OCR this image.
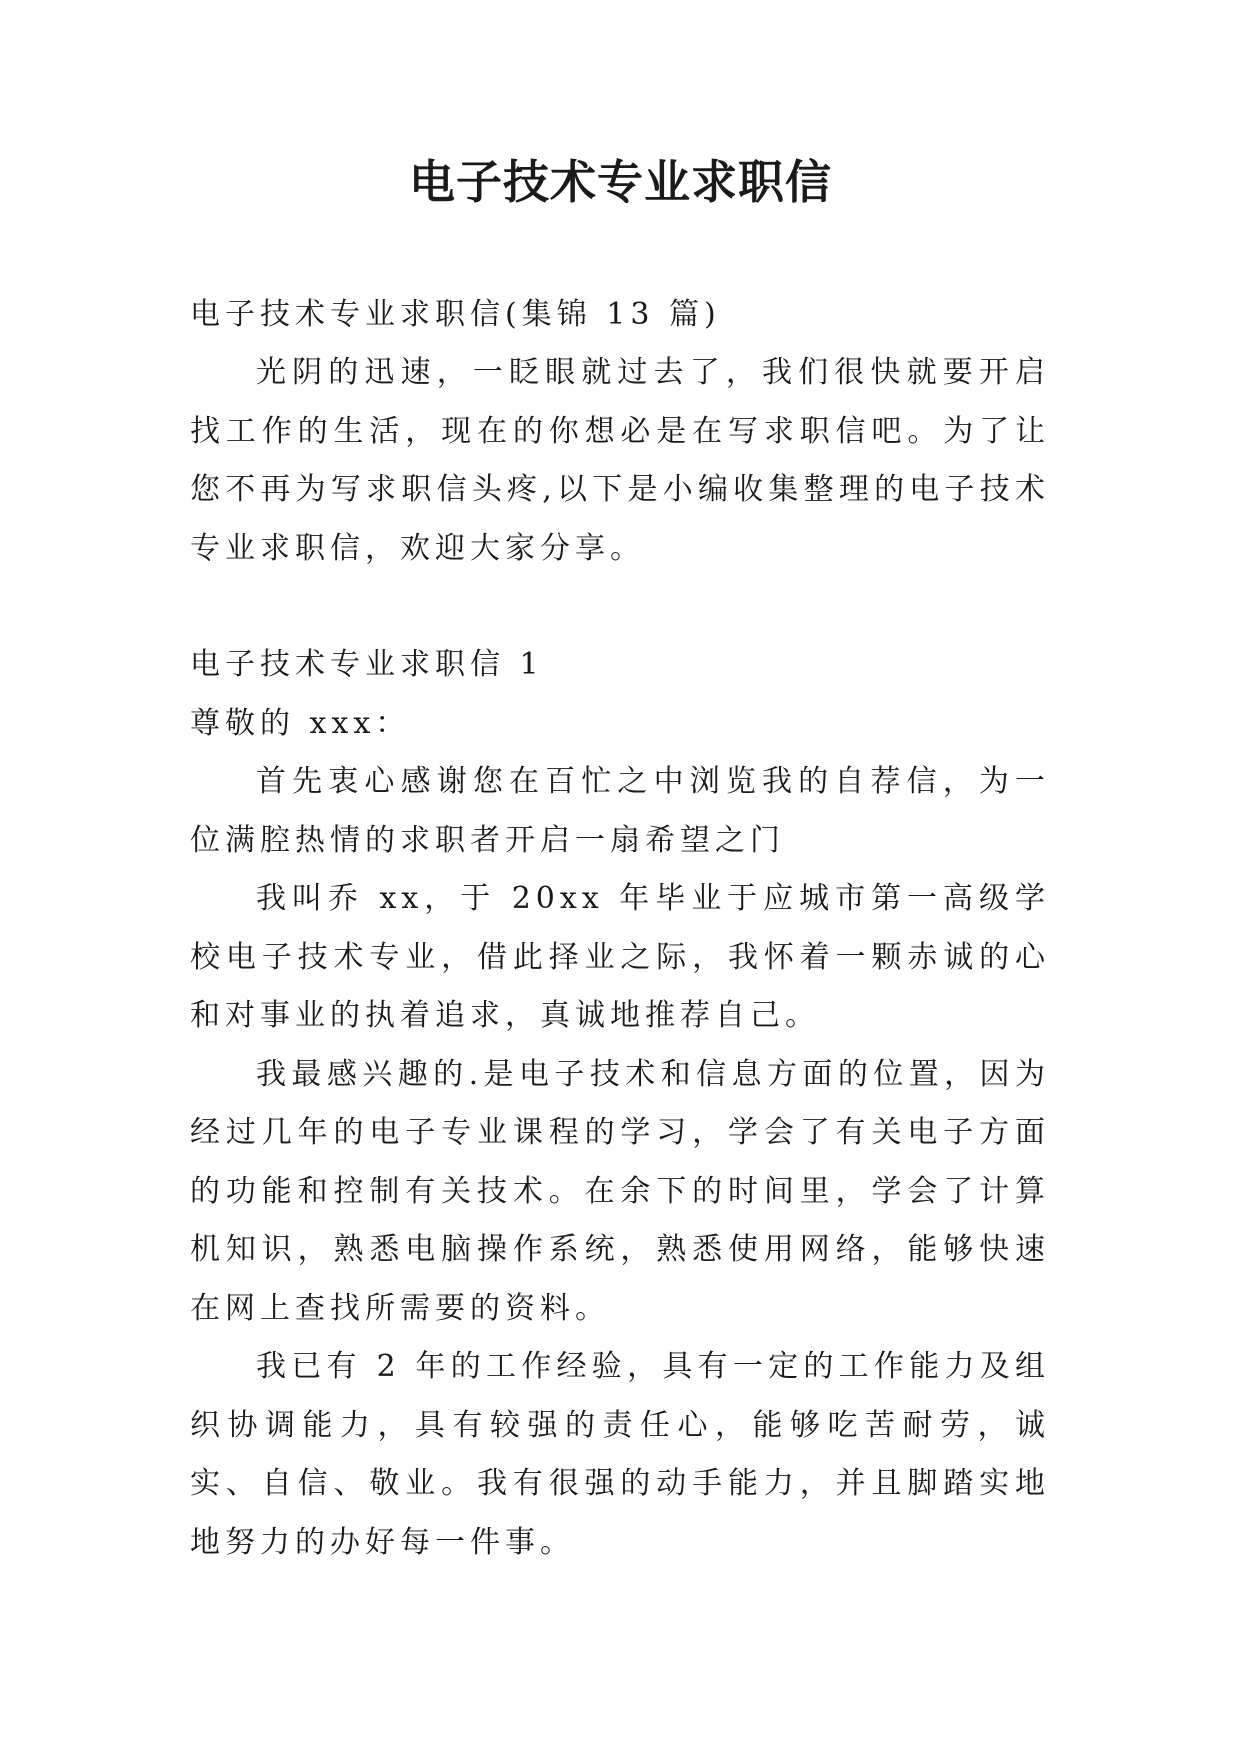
电子技术专业求职信

电子技术专业求职信(集锦 13 篇)

光阴的迅速，一眨眼就过去了，我们很快就要开启找工作的生活，现在的你想必是在写求职信吧。为了让您不再为写求职信头疼,以下是小编收集整理的电子技术专业求职信，欢迎大家分享。

电子技术专业求职信 1

尊敬的 xxx：

首先衷心感谢您在百忙之中浏览我的自荐信，为一位满腔热情的求职者开启一扇希望之门

我叫乔 xx，于 20xx 年毕业于应城市第一高级学校电子技术专业，借此择业之际，我怀着一颗赤诚的心和对事业的执着追求，真诚地推荐自己。

我最感兴趣的.是电子技术和信息方面的位置，因为经过几年的电子专业课程的学习，学会了有关电子方面的功能和控制有关技术。在余下的时间里，学会了计算机知识，熟悉电脑操作系统，熟悉使用网络，能够快速在网上查找所需要的资料。

我已有 2 年的工作经验，具有一定的工作能力及组织协调能力，具有较强的责任心，能够吃苦耐劳，诚实、自信、敬业。我有很强的动手能力，并且脚踏实地地努力的办好每一件事。
